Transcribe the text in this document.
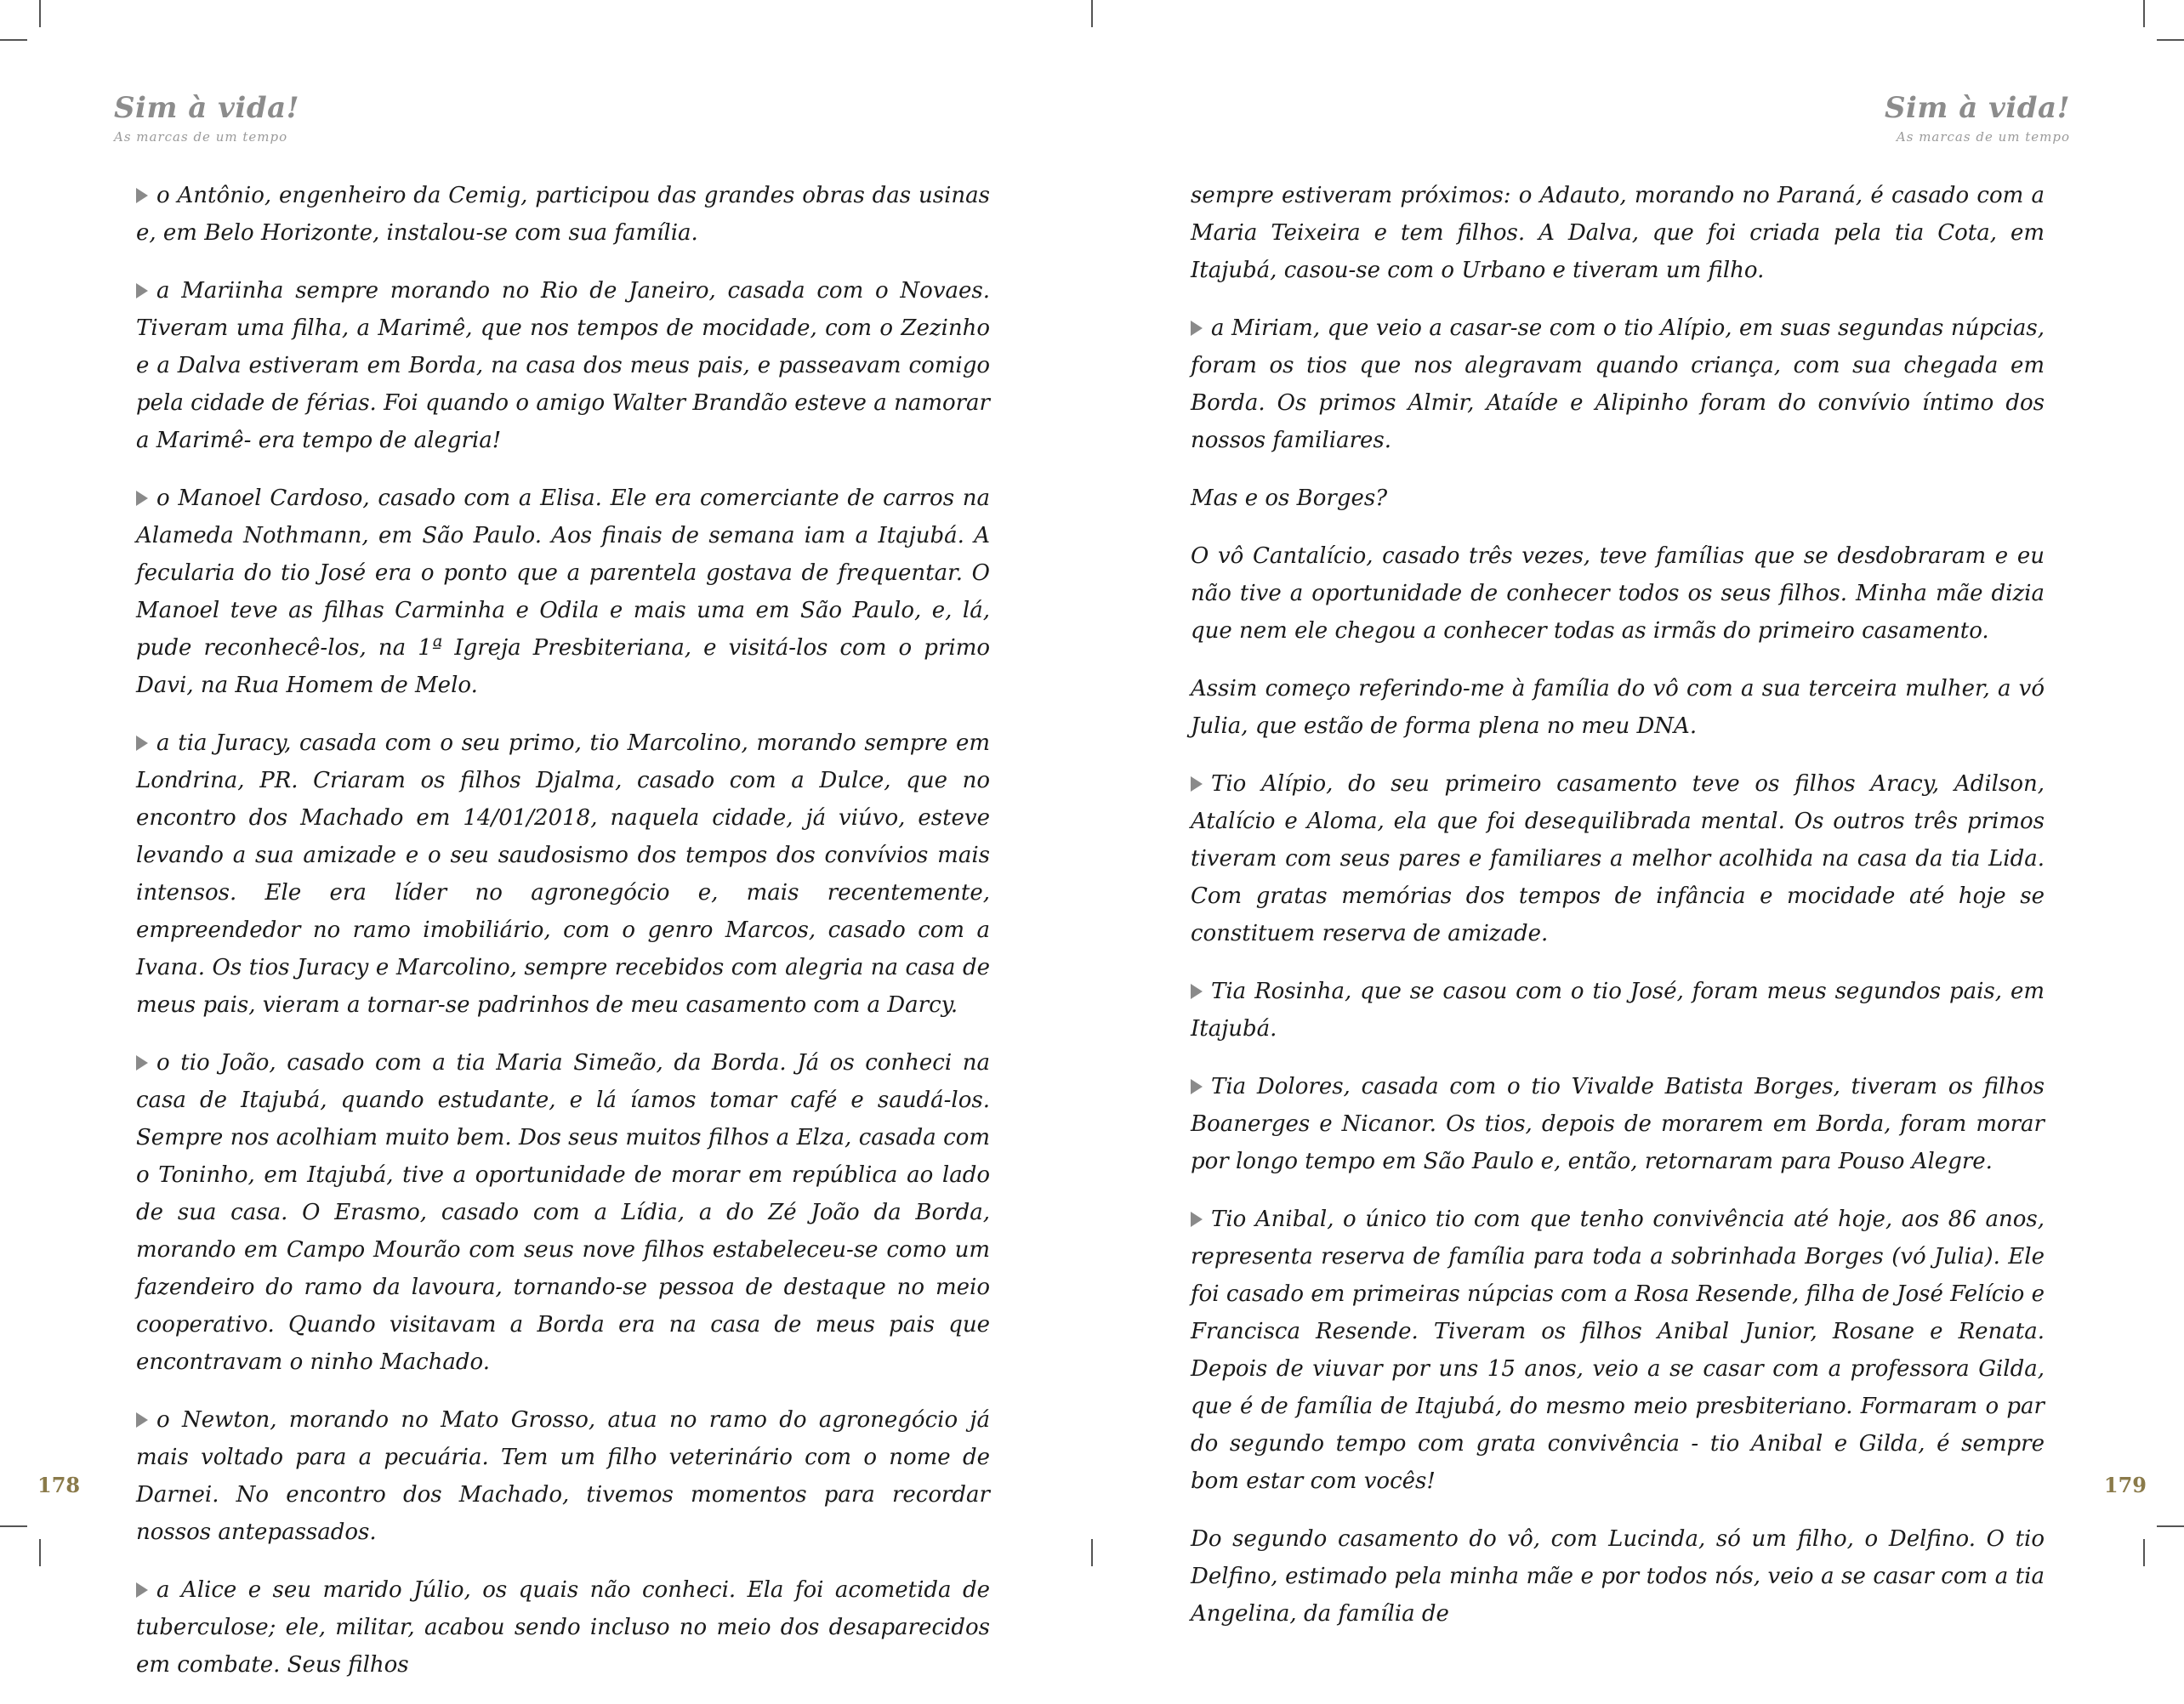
Sim à vida!
As marcas de um tempo

o Antônio, engenheiro da Cemig, participou das grandes obras das usinas e, em Belo Horizonte, instalou-se com sua família.

a Mariinha sempre morando no Rio de Janeiro, casada com o Novaes. Tiveram uma filha, a Marimê, que nos tempos de mocidade, com o Zezinho e a Dalva estiveram em Borda, na casa dos meus pais, e passeavam comigo pela cidade de férias. Foi quando o amigo Walter Brandão esteve a namorar a Marimê- era tempo de alegria!

o Manoel Cardoso, casado com a Elisa. Ele era comerciante de carros na Alameda Nothmann, em São Paulo. Aos finais de semana iam a Itajubá. A fecularia do tio José era o ponto que a parentela gostava de frequentar. O Manoel teve as filhas Carminha e Odila e mais uma em São Paulo, e, lá, pude reconhecê-los, na 1ª Igreja Presbiteriana, e visitá-los com o primo Davi, na Rua Homem de Melo.

a tia Juracy, casada com o seu primo, tio Marcolino, morando sempre em Londrina, PR. Criaram os filhos Djalma, casado com a Dulce, que no encontro dos Machado em 14/01/2018, naquela cidade, já viúvo, esteve levando a sua amizade e o seu saudosismo dos tempos dos convívios mais intensos. Ele era líder no agronegócio e, mais recentemente, empreendedor no ramo imobiliário, com o genro Marcos, casado com a Ivana. Os tios Juracy e Marcolino, sempre recebidos com alegria na casa de meus pais, vieram a tornar-se padrinhos de meu casamento com a Darcy.

o tio João, casado com a tia Maria Simeão, da Borda. Já os conheci na casa de Itajubá, quando estudante, e lá íamos tomar café e saudá-los. Sempre nos acolhiam muito bem. Dos seus muitos filhos a Elza, casada com o Toninho, em Itajubá, tive a oportunidade de morar em república ao lado de sua casa. O Erasmo, casado com a Lídia, a do Zé João da Borda, morando em Campo Mourão com seus nove filhos estabeleceu-se como um fazendeiro do ramo da lavoura, tornando-se pessoa de destaque no meio cooperativo. Quando visitavam a Borda era na casa de meus pais que encontravam o ninho Machado.

o Newton, morando no Mato Grosso, atua no ramo do agronegócio já mais voltado para a pecuária. Tem um filho veterinário com o nome de Darnei. No encontro dos Machado, tivemos momentos para recordar nossos antepassados.

a Alice e seu marido Júlio, os quais não conheci. Ela foi acometida de tuberculose; ele, militar, acabou sendo incluso no meio dos desaparecidos em combate. Seus filhos

178
Sim à vida!
As marcas de um tempo

sempre estiveram próximos: o Adauto, morando no Paraná, é casado com a Maria Teixeira e tem filhos. A Dalva, que foi criada pela tia Cota, em Itajubá, casou-se com o Urbano e tiveram um filho.

a Miriam, que veio a casar-se com o tio Alípio, em suas segundas núpcias, foram os tios que nos alegravam quando criança, com sua chegada em Borda. Os primos Almir, Ataíde e Alipinho foram do convívio íntimo dos nossos familiares.

Mas e os Borges?

O vô Cantalício, casado três vezes, teve famílias que se desdobraram e eu não tive a oportunidade de conhecer todos os seus filhos. Minha mãe dizia que nem ele chegou a conhecer todas as irmãs do primeiro casamento.

Assim começo referindo-me à família do vô com a sua terceira mulher, a vó Julia, que estão de forma plena no meu DNA.

Tio Alípio, do seu primeiro casamento teve os filhos Aracy, Adilson, Atalício e Aloma, ela que foi desequilibrada mental. Os outros três primos tiveram com seus pares e familiares a melhor acolhida na casa da tia Lida. Com gratas memórias dos tempos de infância e mocidade até hoje se constituem reserva de amizade.

Tia Rosinha, que se casou com o tio José, foram meus segundos pais, em Itajubá.

Tia Dolores, casada com o tio Vivalde Batista Borges, tiveram os filhos Boanerges e Nicanor. Os tios, depois de morarem em Borda, foram morar por longo tempo em São Paulo e, então, retornaram para Pouso Alegre.

Tio Anibal, o único tio com que tenho convivência até hoje, aos 86 anos, representa reserva de família para toda a sobrinhada Borges (vó Julia). Ele foi casado em primeiras núpcias com a Rosa Resende, filha de José Felício e Francisca Resende. Tiveram os filhos Anibal Junior, Rosane e Renata. Depois de viuvar por uns 15 anos, veio a se casar com a professora Gilda, que é de família de Itajubá, do mesmo meio presbiteriano. Formaram o par do segundo tempo com grata convivência - tio Anibal e Gilda, é sempre bom estar com vocês!

Do segundo casamento do vô, com Lucinda, só um filho, o Delfino. O tio Delfino, estimado pela minha mãe e por todos nós, veio a se casar com a tia Angelina, da família de

179
